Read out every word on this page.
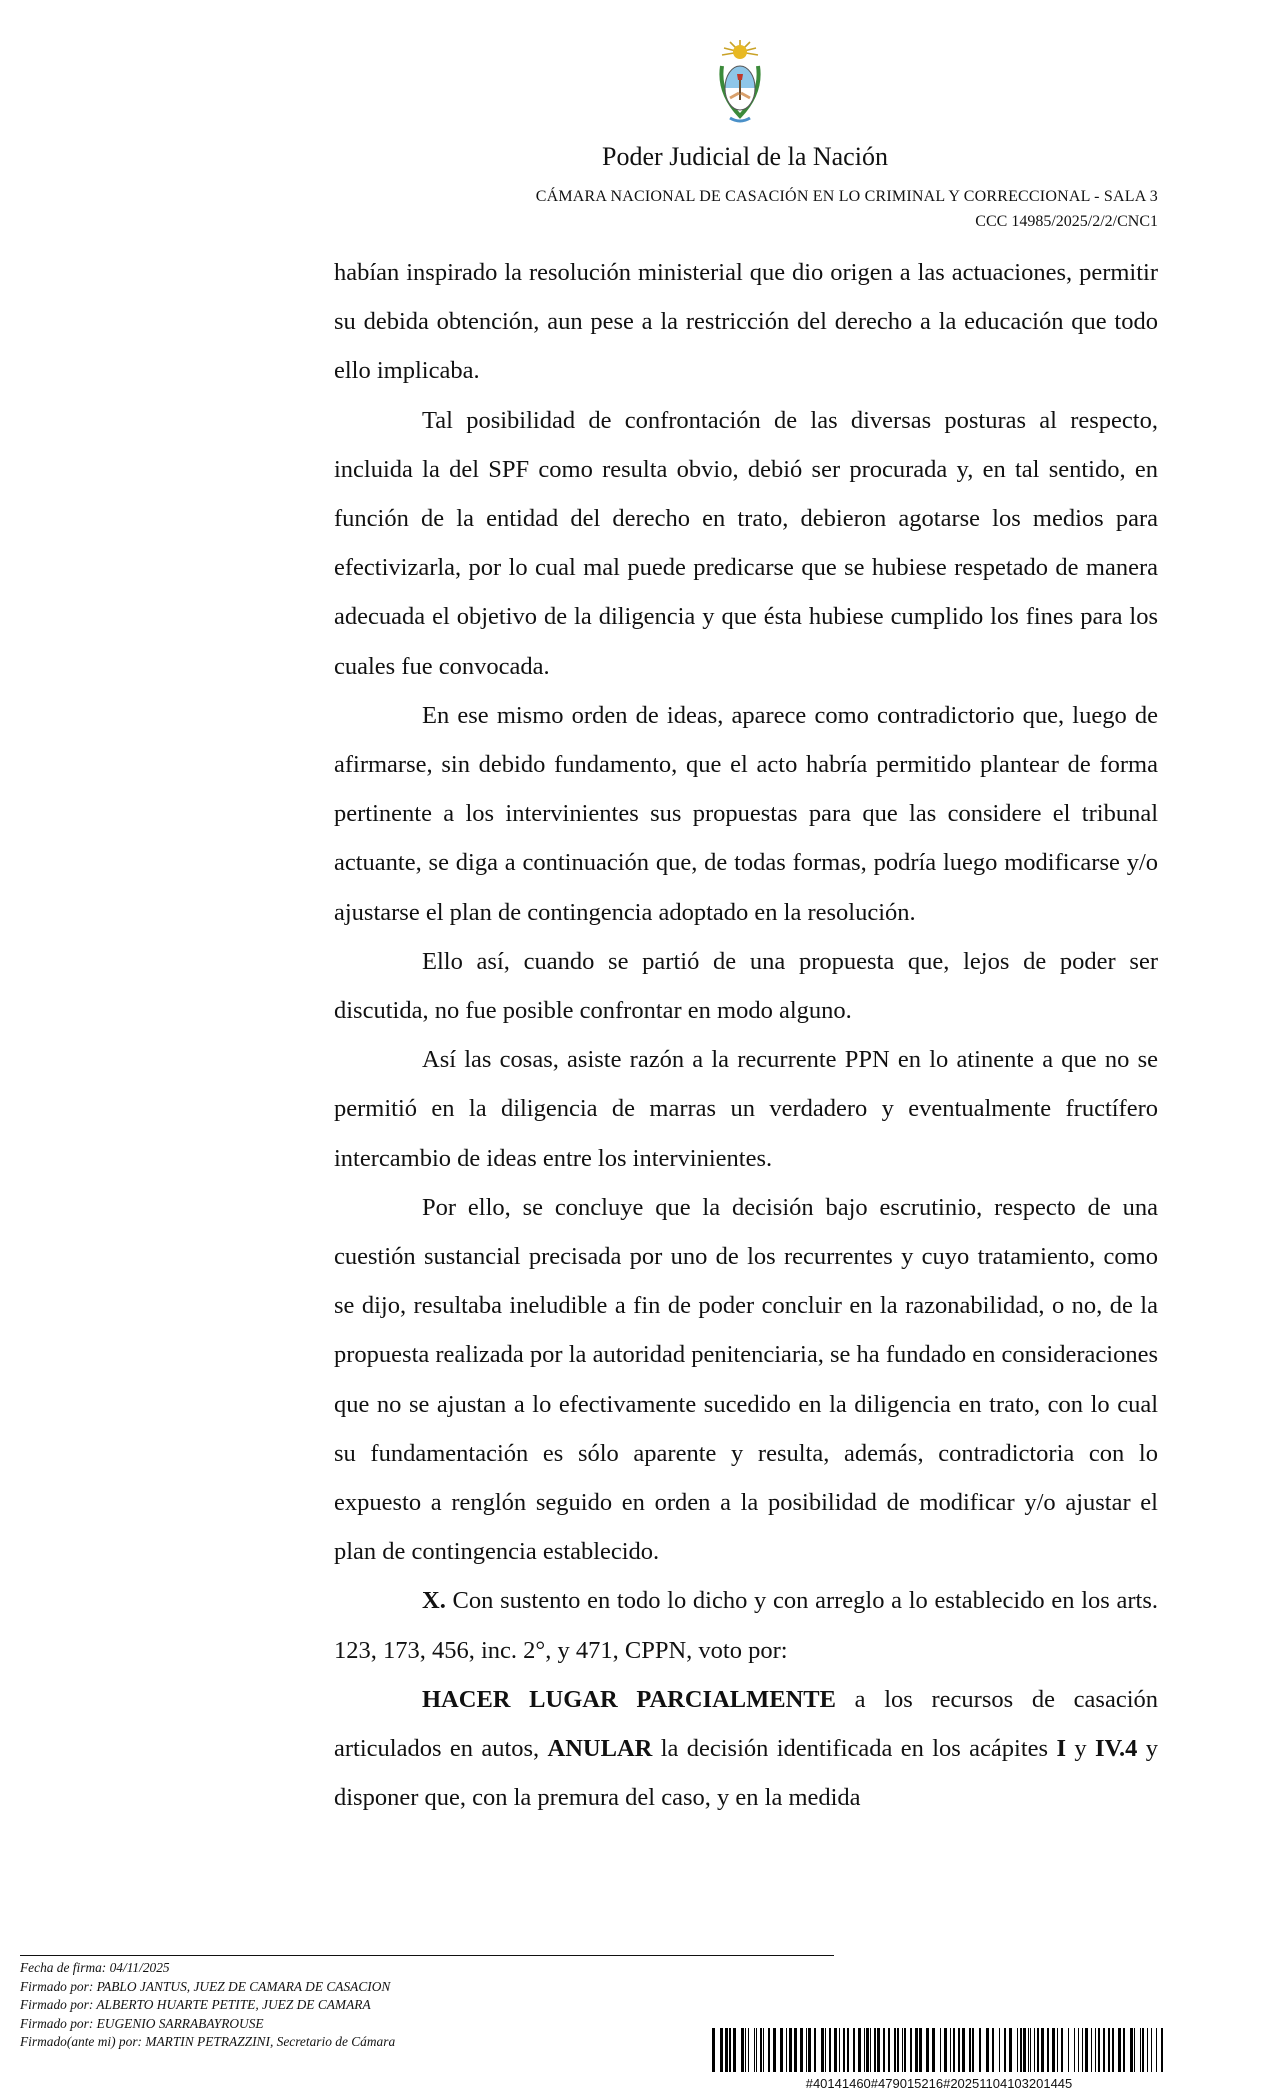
Poder Judicial de la Nación
CÁMARA NACIONAL DE CASACIÓN EN LO CRIMINAL Y CORRECCIONAL - SALA 3
CCC 14985/2025/2/2/CNC1

habían inspirado la resolución ministerial que dio origen a las actuaciones, permitir su debida obtención, aun pese a la restricción del derecho a la educación que todo ello implicaba.

Tal posibilidad de confrontación de las diversas posturas al respecto, incluida la del SPF como resulta obvio, debió ser procurada y, en tal sentido, en función de la entidad del derecho en trato, debieron agotarse los medios para efectivizarla, por lo cual mal puede predicarse que se hubiese respetado de manera adecuada el objetivo de la diligencia y que ésta hubiese cumplido los fines para los cuales fue convocada.

En ese mismo orden de ideas, aparece como contradictorio que, luego de afirmarse, sin debido fundamento, que el acto habría permitido plantear de forma pertinente a los intervinientes sus propuestas para que las considere el tribunal actuante, se diga a continuación que, de todas formas, podría luego modificarse y/o ajustarse el plan de contingencia adoptado en la resolución.

Ello así, cuando se partió de una propuesta que, lejos de poder ser discutida, no fue posible confrontar en modo alguno.

Así las cosas, asiste razón a la recurrente PPN en lo atinente a que no se permitió en la diligencia de marras un verdadero y eventualmente fructífero intercambio de ideas entre los intervinientes.

Por ello, se concluye que la decisión bajo escrutinio, respecto de una cuestión sustancial precisada por uno de los recurrentes y cuyo tratamiento, como se dijo, resultaba ineludible a fin de poder concluir en la razonabilidad, o no, de la propuesta realizada por la autoridad penitenciaria, se ha fundado en consideraciones que no se ajustan a lo efectivamente sucedido en la diligencia en trato, con lo cual su fundamentación es sólo aparente y resulta, además, contradictoria con lo expuesto a renglón seguido en orden a la posibilidad de modificar y/o ajustar el plan de contingencia establecido.

X. Con sustento en todo lo dicho y con arreglo a lo establecido en los arts. 123, 173, 456, inc. 2°, y 471, CPPN, voto por:

HACER LUGAR PARCIALMENTE a los recursos de casación articulados en autos, ANULAR la decisión identificada en los acápites I y IV.4 y disponer que, con la premura del caso, y en la medida

Fecha de firma: 04/11/2025
Firmado por: PABLO JANTUS, JUEZ DE CAMARA DE CASACION
Firmado por: ALBERTO HUARTE PETITE, JUEZ DE CAMARA
Firmado por: EUGENIO SARRABAYROUSE
Firmado(ante mi) por: MARTIN PETRAZZINI, Secretario de Cámara
#40141460#479015216#20251104103201445
